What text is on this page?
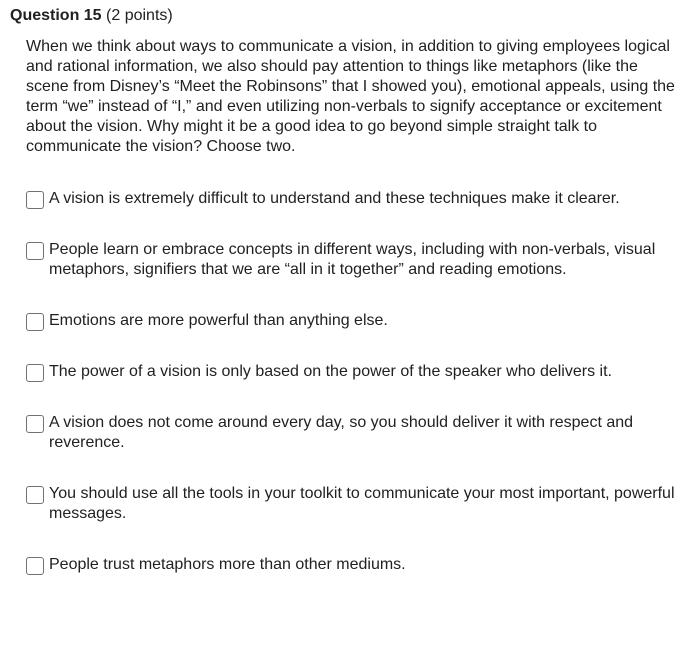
Question 15 (2 points)
When we think about ways to communicate a vision, in addition to giving employees logical and rational information, we also should pay attention to things like metaphors (like the scene from Disney’s “Meet the Robinsons” that I showed you), emotional appeals, using the term “we” instead of “I,” and even utilizing non-verbals to signify acceptance or excitement about the vision. Why might it be a good idea to go beyond simple straight talk to communicate the vision? Choose two.
A vision is extremely difficult to understand and these techniques make it clearer.
People learn or embrace concepts in different ways, including with non-verbals, visual metaphors, signifiers that we are “all in it together” and reading emotions.
Emotions are more powerful than anything else.
The power of a vision is only based on the power of the speaker who delivers it.
A vision does not come around every day, so you should deliver it with respect and reverence.
You should use all the tools in your toolkit to communicate your most important, powerful messages.
People trust metaphors more than other mediums.
